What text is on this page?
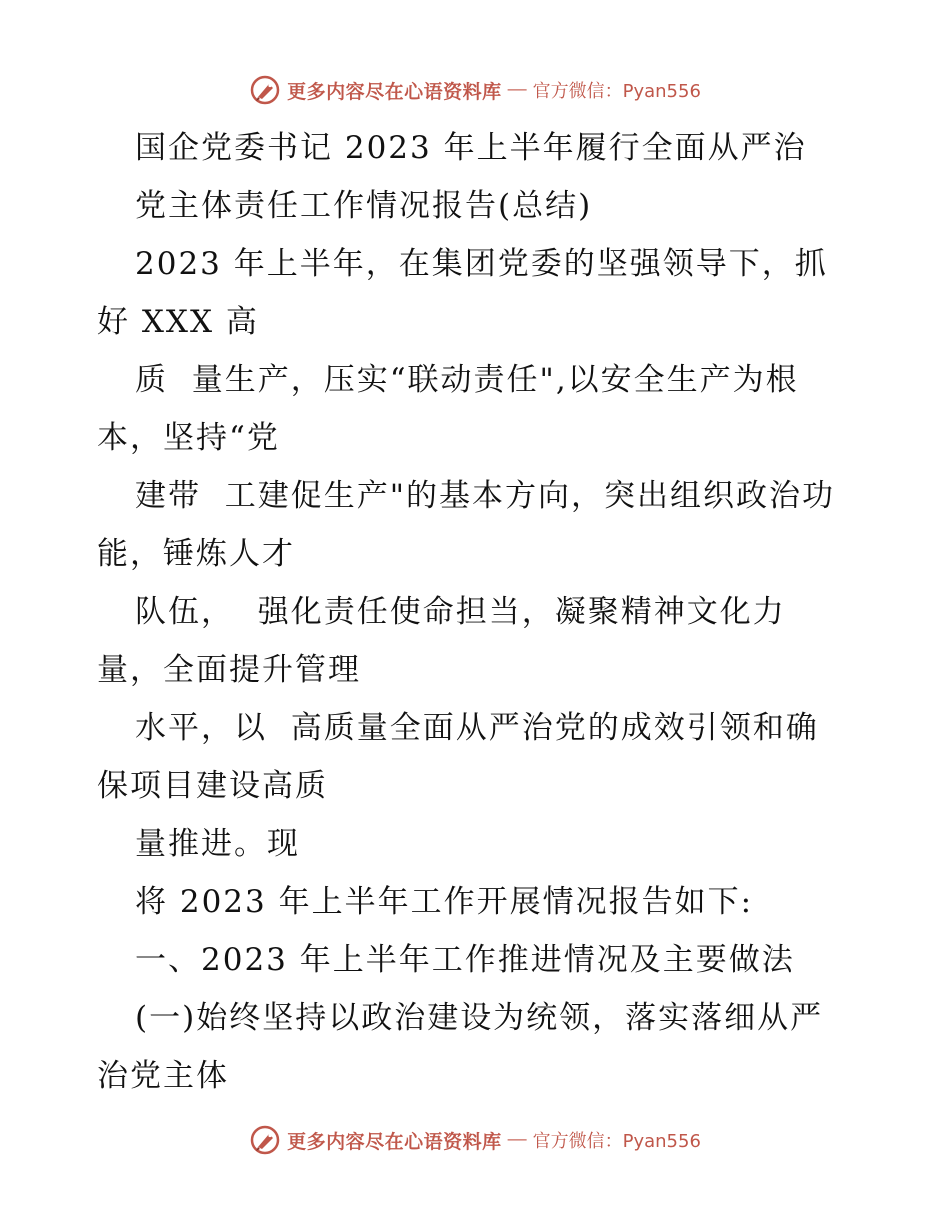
更多内容尽在心语资料库 — 官方微信：Pyan556
国企党委书记 2023 年上半年履行全面从严治
党主体责任工作情况报告(总结)
2023 年上半年，在集团党委的坚强领导下，抓
好 XXX 高
质  量生产，压实“联动责任",以安全生产为根
本，坚持“党
建带  工建促生产"的基本方向，突出组织政治功
能，锤炼人才
队伍，  强化责任使命担当，凝聚精神文化力
量，全面提升管理
水平，以  高质量全面从严治党的成效引领和确
保项目建设高质
量推进。现
将 2023 年上半年工作开展情况报告如下:
一、2023 年上半年工作推进情况及主要做法
(一)始终坚持以政治建设为统领，落实落细从严
治党主体
更多内容尽在心语资料库 — 官方微信：Pyan556
